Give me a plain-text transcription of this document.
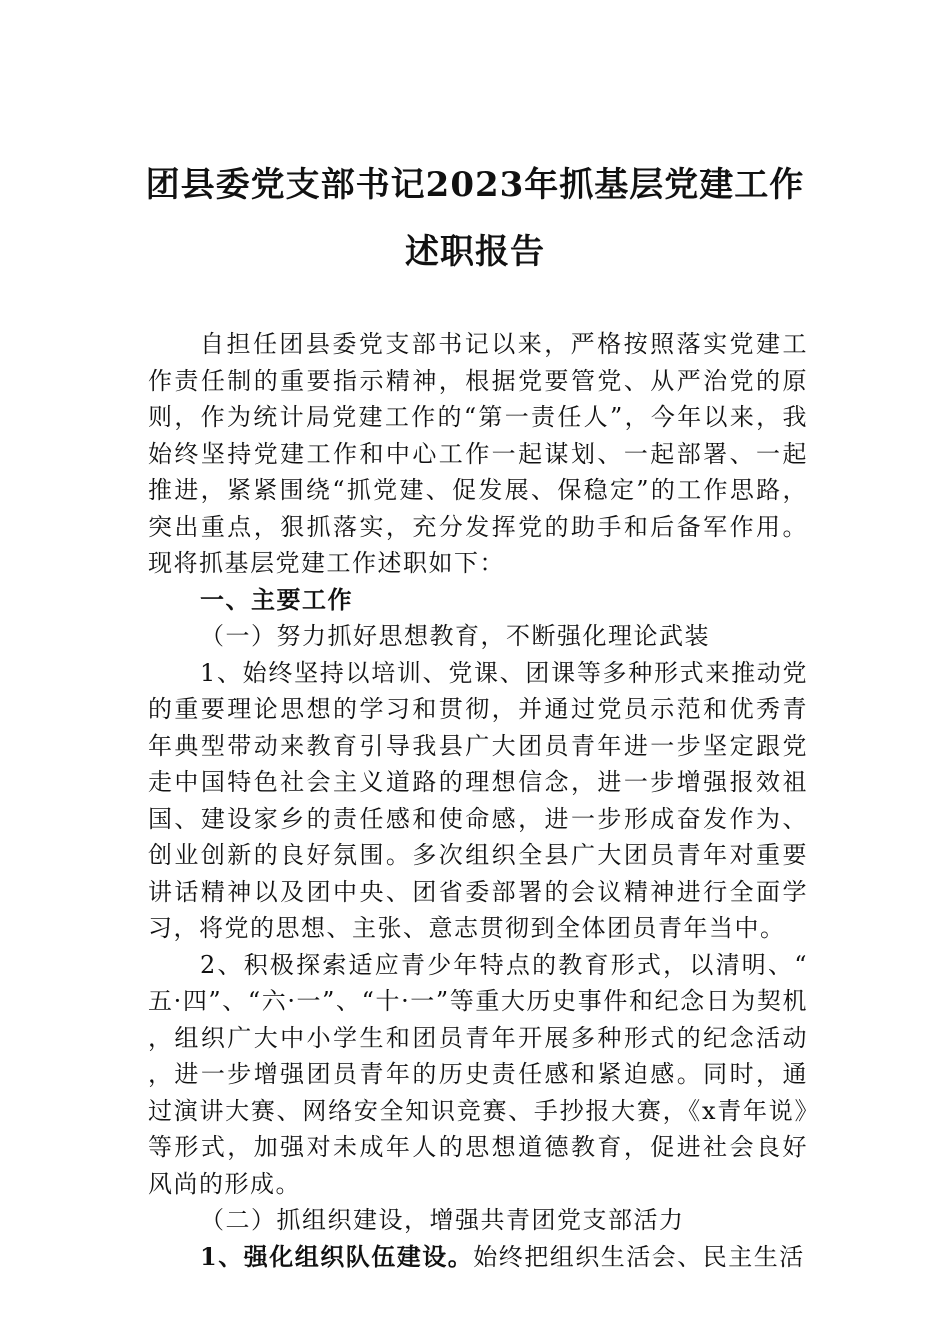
团县委党支部书记2023年抓基层党建工作
述职报告

自担任团县委党支部书记以来，严格按照落实党建工作责任制的重要指示精神，根据党要管党、从严治党的原则，作为统计局党建工作的“第一责任人”，今年以来，我始终坚持党建工作和中心工作一起谋划、一起部署、一起推进，紧紧围绕“抓党建、促发展、保稳定”的工作思路，突出重点，狠抓落实，充分发挥党的助手和后备军作用。现将抓基层党建工作述职如下：

一、主要工作

（一）努力抓好思想教育，不断强化理论武装

1、始终坚持以培训、党课、团课等多种形式来推动党的重要理论思想的学习和贯彻，并通过党员示范和优秀青年典型带动来教育引导我县广大团员青年进一步坚定跟党走中国特色社会主义道路的理想信念，进一步增强报效祖国、建设家乡的责任感和使命感，进一步形成奋发作为、创业创新的良好氛围。多次组织全县广大团员青年对重要讲话精神以及团中央、团省委部署的会议精神进行全面学习，将党的思想、主张、意志贯彻到全体团员青年当中。

2、积极探索适应青少年特点的教育形式，以清明、“五·四”、“六·一”、“十·一”等重大历史事件和纪念日为契机，组织广大中小学生和团员青年开展多种形式的纪念活动，进一步增强团员青年的历史责任感和紧迫感。同时，通过演讲大赛、网络安全知识竞赛、手抄报大赛，《x青年说》等形式，加强对未成年人的思想道德教育，促进社会良好风尚的形成。

（二）抓组织建设，增强共青团党支部活力

1、强化组织队伍建设。始终把组织生活会、民主生活
